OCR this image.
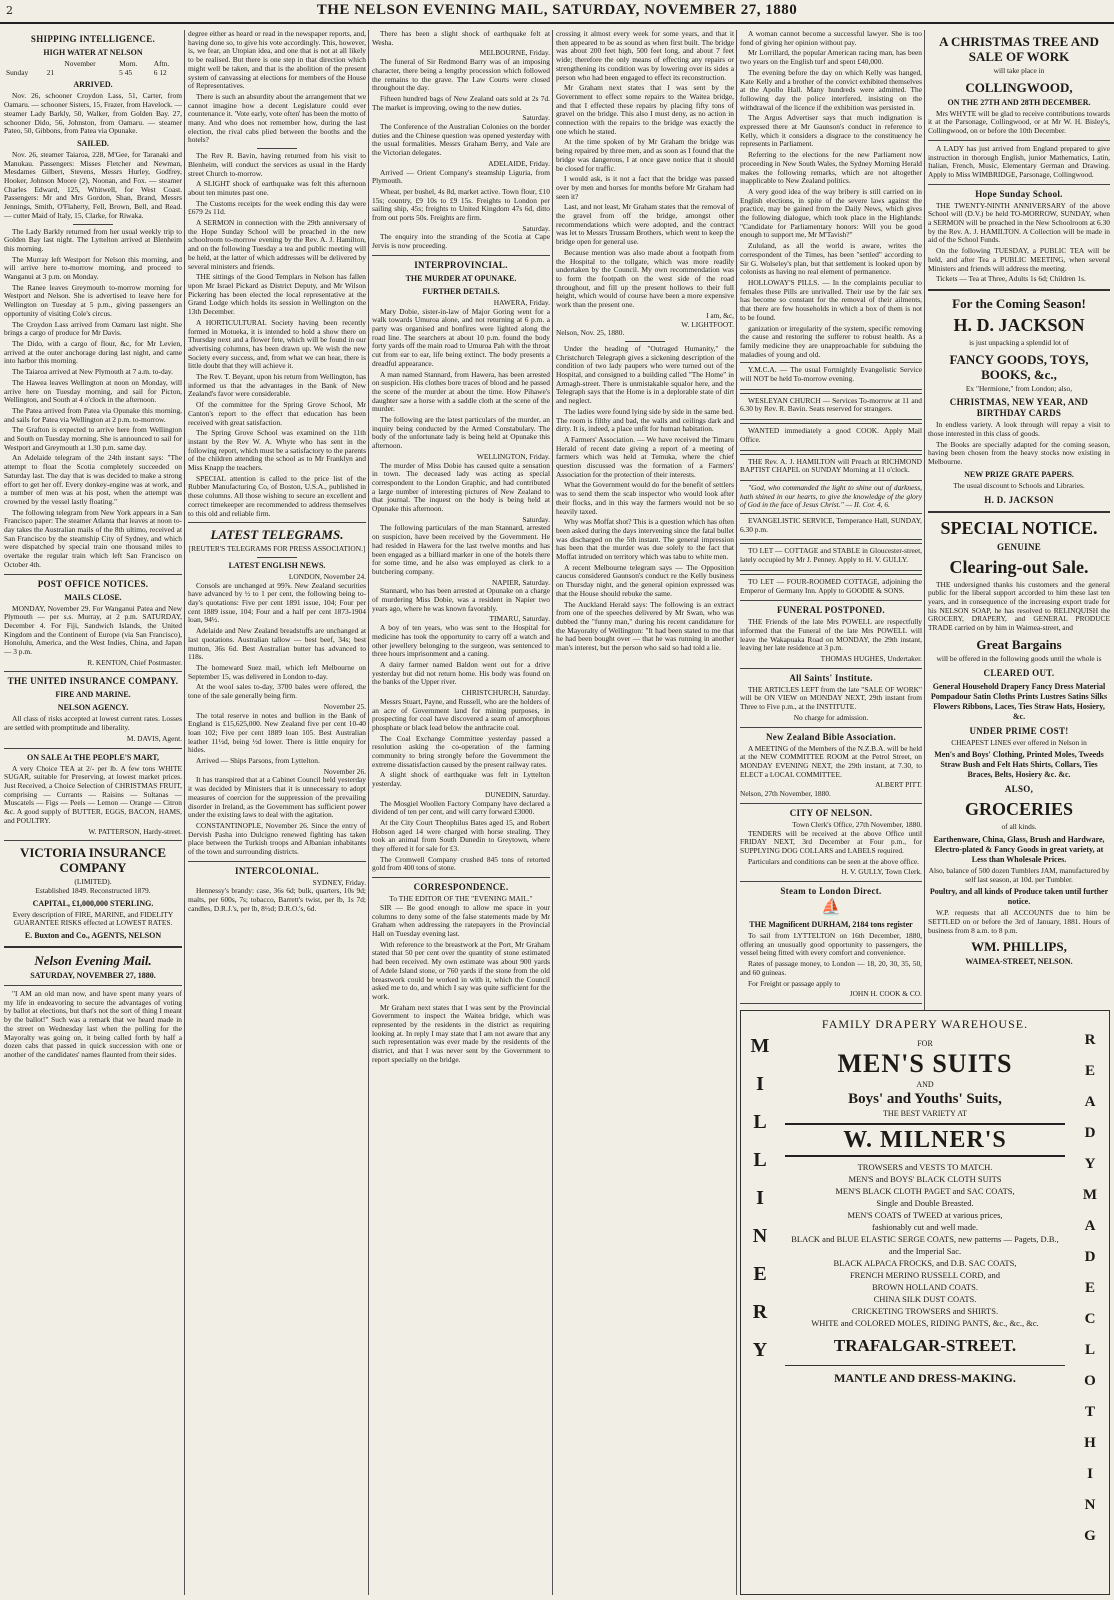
2	THE NELSON EVENING MAIL, SATURDAY, NOVEMBER 27, 1880
SHIPPING INTELLIGENCE.
HIGH WATER AT NELSON
		November	Morn.	Aftn.
Sunday	21		5 45	6 12
ARRIVED.

Nov. 26, schooner Croydon Lass, 51, Carter, from Oamaru. — schooner Sisters, 15, Frazer, from Havelock. — steamer Lady Barkly, 50, Walker, from Golden Bay. 27, schooner Dido, 56, Johnston, from Oamaru. — steamer Pateo, 50, Gibbons, from Patea via Opunake.

SAILED.

Nov. 26, steamer Taiaroa, 228, M'Gee, for Taranaki and Manukau. Passengers: Misses Fletcher and Newman, Mesdames Gilbert, Stevens, Messrs Hurley, Godfrey, Hooker, Johnson Moore (2), Noonan, and Fox. — steamer Charles Edward, 125, Whitwell, for West Coast. Passengers: Mr and Mrs Gordon, Shan, Brand, Messrs Jennings, Smith, O'Flaherty, Fell, Brown, Bell, and Read. — cutter Maid of Italy, 15, Clarke, for Riwaka.

The Lady Barkly returned from her usual weekly trip to Golden Bay last night. The Lyttelton arrived at Blenheim this morning.

The Murray left Westport for Nelson this morning, and will arrive here to-morrow morning, and proceed to Wanganui at 3 p.m. on Monday.

The Ranee leaves Greymouth to-morrow morning for Westport and Nelson. She is advertised to leave here for Wellington on Tuesday at 5 p.m., giving passengers an opportunity of visiting Cole's circus.

The Croydon Lass arrived from Oamaru last night. She brings a cargo of produce for Mr Davis.

The Dido, with a cargo of flour, &c, for Mr Levien, arrived at the outer anchorage during last night, and came into harbor this morning.

The Taiaroa arrived at New Plymouth at 7 a.m. to-day.

The Hawea leaves Wellington at noon on Monday, will arrive here on Tuesday morning, and sail for Picton, Wellington, and South at 4 o'clock in the afternoon.

The Patea arrived from Patea via Opunake this morning, and sails for Patea via Wellington at 2 p.m. to-morrow.

The Grafton is expected to arrive here from Wellington and South on Tuesday morning. She is announced to sail for Westport and Greymouth at 1.30 p.m. same day.

An Adelaide telegram of the 24th instant says: "The attempt to float the Scotia completely succeeded on Saturday last. The day that is was decided to make a strong effort to get her off. Every donkey-engine was at work, and a number of men was at his post, when the attempt was crowned by the vessel lastly floating."

The following telegram from New York appears in a San Francisco paper: The steamer Atlanta that leaves at noon to-day takes the Australian mails of the 8th ultimo, received at San Francisco by the steamship City of Sydney, and which were dispatched by special train one thousand miles to overtake the regular train which left San Francisco on October 4th.

POST OFFICE NOTICES.
MAILS CLOSE.

MONDAY, November 29. For Wanganui Patea and New Plymouth — per s.s. Murray, at 2 p.m. SATURDAY, December 4. For Fiji, Sandwich Islands, the United Kingdom and the Continent of Europe (via San Francisco), Honolulu, America, and the West Indies, China, and Japan — 3 p.m.

R. KENTON, Chief Postmaster.
THE UNITED INSURANCE COMPANY.
FIRE AND MARINE.
NELSON AGENCY.

All class of risks accepted at lowest current rates. Losses are settled with promptitude and liberality.

M. DAVIS, Agent.
ON SALE At THE PEOPLE'S MART,

A very Choice TEA at 2/- per lb. A few tons WHITE SUGAR, suitable for Preserving, at lowest market prices. Just Received, a Choice Selection of CHRISTMAS FRUIT, comprising — Currants — Raisins — Sultanas — Muscatels — Figs — Peels — Lemon — Orange — Citron &c. A good supply of BUTTER, EGGS, BACON, HAMS, and POULTRY.

W. PATTERSON, Hardy-street.
VICTORIA INSURANCE COMPANY
(LIMITED).
Established 1849. Reconstructed 1879.
CAPITAL, £1,000,000 STERLING.

Every description of FIRE, MARINE, and FIDELITY GUARANTEE RISKS effected at LOWEST RATES.

E. Buxton and Co., AGENTS, NELSON
Nelson Evening Mail.
SATURDAY, NOVEMBER 27, 1880.

"I AM an old man now, and have spent many years of my life in endeavoring to secure the advantages of voting by ballot at elections, but that's not the sort of thing I meant by the ballot!" Such was a remark that we heard made in the street on Wednesday last when the polling for the Mayoralty was going on, it being called forth by half a dozen cabs that passed in quick succession with one or another of the candidates' names flaunted from their sides.

degree either as heard or read in the newspaper reports, and, having done so, to give his vote accordingly. This, however, is, we fear, an Utopian idea, and one that is not at all likely to be realised. But there is one step in that direction which might well be taken, and that is the abolition of the present system of canvassing at elections for members of the House of Representatives.

There is such an absurdity about the arrangement that we cannot imagine how a decent Legislature could ever countenance it. 'Vote early, vote often' has been the motto of many. And who does not remember how, during the last election, the rival cabs plied between the booths and the hotels?

The Rev R. Bavin, having returned from his visit to Blenheim, will conduct the services as usual in the Hardy street Church to-morrow.

A SLIGHT shock of earthquake was felt this afternoon about ten minutes past one.

The Customs receipts for the week ending this day were £679 2s 11d.

A SERMON in connection with the 29th anniversary of the Hope Sunday School will be preached in the new schoolroom to-morrow evening by the Rev. A. J. Hamilton, and on the following Tuesday a tea and public meeting will be held, at the latter of which addresses will be delivered by several ministers and friends.

THE sittings of the Good Templars in Nelson has fallen upon Mr Israel Pickard as District Deputy, and Mr Wilson Pickering has been elected the local representative at the Grand Lodge which holds its session in Wellington on the 13th December.

A HORTICULTURAL Society having been recently formed in Motueka, it is intended to hold a show there on Thursday next and a flower fete, which will be found in our advertising columns, has been drawn up. We wish the new Society every success, and, from what we can hear, there is little doubt that they will achieve it.

The Rev. T. Beyant, upon his return from Wellington, has informed us that the advantages in the Bank of New Zealand's favor were considerable.

Of the committee for the Spring Grove School, Mr Canton's report to the effect that education has been received with great satisfaction.

The Spring Grove School was examined on the 11th instant by the Rev W. A. Whyte who has sent in the following report, which must be a satisfactory to the parents of the children attending the school as to Mr Franklyn and Miss Knapp the teachers.

SPECIAL attention is called to the price list of the Rubber Manufacturing Co, of Boston, U.S.A., published in these columns. All those wishing to secure an excellent and correct timekeeper are recommended to address themselves to this old and reliable firm.

LATEST TELEGRAMS.
[REUTER'S TELEGRAMS FOR PRESS ASSOCIATION.]
LATEST ENGLISH NEWS.
LONDON, November 24.

Consols are unchanged at 99⅞. New Zealand securities have advanced by ½ to 1 per cent, the following being to-day's quotations: Five per cent 1891 issue, 104; Four per cent 1889 issue, 104; Four and a half per cent 1873-1904 loan, 94½.

Adelaide and New Zealand breadstuffs are unchanged at last quotations. Australian tallow — best beef, 34s; best mutton, 36s 6d. Best Australian butter has advanced to 118s.

The homeward Suez mail, which left Melbourne on September 15, was delivered in London to-day.

At the wool sales to-day, 3700 bales were offered, the tone of the sale generally being firm.

November 25.

The total reserve in notes and bullion in the Bank of England is £15,625,000. New Zealand five per cent 10-40 loan 102; Five per cent 1889 loan 105. Best Australian leather 11½d, being ½d lower. There is little enquiry for hides.

Arrived — Ships Parsons, from Lyttelton.

November 26.

It has transpired that at a Cabinet Council held yesterday it was decided by Ministers that it is unnecessary to adopt measures of coercion for the suppression of the prevailing disorder in Ireland, as the Government has sufficient power under the existing laws to deal with the agitation.

CONSTANTINOPLE, November 26. Since the entry of Dervish Pasha into Dulcigno renewed fighting has taken place between the Turkish troops and Albanian inhabitants of the town and surrounding districts.

INTERCOLONIAL.
SYDNEY, Friday.

Hennessy's brandy: case, 36s 6d; bulk, quarters, 10s 9d; malts, per 600s, 7s; tobacco, Barrett's twist, per lb, 1s 7d; candles, D.R.J.'s, per lb, 8½d; D.R.O.'s, 6d.

There has been a slight shock of earthquake felt at Wesha.

MELBOURNE, Friday.

The funeral of Sir Redmond Barry was of an imposing character, there being a lengthy procession which followed the remains to the grave. The Law Courts were closed throughout the day.

Fifteen hundred bags of New Zealand oats sold at 2s 7d. The market is improving, owing to the new duties.

Saturday.

The Conference of the Australian Colonies on the border duties and the Chinese question was opened yesterday with the usual formalities. Messrs Graham Berry, and Vale are the Victorian delegates.

ADELAIDE, Friday.

Arrived — Orient Company's steamship Liguria, from Plymouth.

Wheat, per bushel, 4s 8d, market active. Town flour, £10 15s; country, £9 10s to £9 15s. Freights to London per sailing ship, 45s; freights to United Kingdom 47s 6d, ditto from out ports 50s. Freights are firm.

Saturday.

The enquiry into the stranding of the Scotia at Cape Jervis is now proceeding.

INTERPROVINCIAL.
THE MURDER AT OPUNAKE.
FURTHER DETAILS.
HAWERA, Friday.

Mary Dobie, sister-in-law of Major Goring went for a walk towards Umuroa alone, and not returning at 6 p.m. a party was organised and bonfires were lighted along the road line. The searchers at about 10 p.m. found the body forty yards off the main road to Umuroa Pah with the throat cut from ear to ear, life being extinct. The body presents a dreadful appearance.

A man named Stannard, from Hawera, has been arrested on suspicion. His clothes bore traces of blood and he passed the scene of the murder at about the time. How Pihawe's daughter saw a horse with a saddle cloth at the scene of the murder.

The following are the latest particulars of the murder, an inquiry being conducted by the Armed Constabulary. The body of the unfortunate lady is being held at Opunake this afternoon.

WELLINGTON, Friday.

The murder of Miss Dobie has caused quite a sensation in town. The deceased lady was acting as special correspondent to the London Graphic, and had contributed a large number of interesting pictures of New Zealand to that journal. The inquest on the body is being held at Opunake this afternoon.

Saturday.

The following particulars of the man Stannard, arrested on suspicion, have been received by the Government. He had resided in Hawera for the last twelve months and has been engaged as a billiard marker in one of the hotels there for some time, and he also was employed as clerk to a butchering company.

NAPIER, Saturday.

Stannard, who has been arrested at Opunake on a charge of murdering Miss Dobie, was a resident in Napier two years ago, where he was known favorably.

TIMARU, Saturday.

A boy of ten years, who was sent to the Hospital for medicine has took the opportunity to carry off a watch and other jewellery belonging to the surgeon, was sentenced to three hours imprisonment and a caning.

A dairy farmer named Baldon went out for a drive yesterday but did not return home. His body was found on the banks of the Upper river.

CHRISTCHURCH, Saturday.

Messrs Stuart, Payne, and Russell, who are the holders of an acre of Government land for mining purposes, in prospecting for coal have discovered a seam of amorphous phosphate or black lead below the anthracite coal.

The Coal Exchange Committee yesterday passed a resolution asking the co-operation of the farming community to bring strongly before the Government the extreme dissatisfaction caused by the present railway rates.

A slight shock of earthquake was felt in Lyttelton yesterday.

DUNEDIN, Saturday.

The Mosgiel Woollen Factory Company have declared a dividend of ten per cent, and will carry forward £3000.

At the City Court Theophilus Bates aged 15, and Robert Hobson aged 14 were charged with horse stealing. They took an animal from South Dunedin to Greytown, where they offered it for sale for £3.

The Cromwell Company crushed 845 tons of retorted gold from 400 tons of stone.

CORRESPONDENCE.
To THE EDITOR OF THE "EVENING MAIL."

SIR — Be good enough to allow me space in your columns to deny some of the false statements made by Mr Graham when addressing the ratepayers in the Provincial Hall on Tuesday evening last.

With reference to the breastwork at the Port, Mr Graham stated that 50 per cent over the quantity of stone estimated had been received. My own estimate was about 900 yards of Adele Island stone, or 760 yards if the stone from the old breastwork could be worked in with it, which the Council asked me to do, and which I say was quite sufficient for the work.

Mr Graham next states that I was sent by the Provincial Government to inspect the Waitea bridge, which was represented by the residents in the district as requiring looking at. In reply I may state that I am not aware that any such representation was ever made by the residents of the district, and that I was never sent by the Government to report specially on the bridge.

crossing it almost every week for some years, and that it then appeared to be as sound as when first built. The bridge was about 200 feet high, 500 feet long, and about 7 feet wide; therefore the only means of effecting any repairs or strengthening its condition was by lowering over its sides a person who had been engaged to effect its reconstruction.

Mr Graham next states that I was sent by the Government to effect some repairs to the Waitea bridge, and that I effected these repairs by placing fifty tons of gravel on the bridge. This also I must deny, as no action in connection with the repairs to the bridge was exactly the one which he stated.

At the time spoken of by Mr Graham the bridge was being repaired by three men, and as soon as I found that the bridge was dangerous, I at once gave notice that it should be closed for traffic.

I would ask, is it not a fact that the bridge was passed over by men and horses for months before Mr Graham had seen it?

Last, and not least, Mr Graham states that the removal of the gravel from off the bridge, amongst other recommendations which were adopted, and the contract was let to Messrs Trussam Brothers, which went to keep the bridge open for general use.

Because mention was also made about a footpath from the Hospital to the tollgate, which was more readily undertaken by the Council. My own recommendation was to form the footpath on the west side of the road throughout, and fill up the present hollows to their full height, which would of course have been a more expensive work than the present one.

I am, &c,
W. LIGHTFOOT.
Nelson, Nov. 25, 1880.

Under the heading of "Outraged Humanity," the Christchurch Telegraph gives a sickening description of the condition of two lady paupers who were turned out of the Hospital, and consigned to a building called "The Home" in Armagh-street. There is unmistakable squalor here, and the Telegraph says that the Home is in a deplorable state of dirt and neglect.

The ladies were found lying side by side in the same bed. The room is filthy and bad, the walls and ceilings dark and dirty. It is, indeed, a place unfit for human habitation.

A Farmers' Association. — We have received the Timaru Herald of recent date giving a report of a meeting of farmers which was held at Temuka, where the chief question discussed was the formation of a Farmers' Association for the protection of their interests.

What the Government would do for the benefit of settlers was to send them the scab inspector who would look after their flocks, and in this way the farmers would not be so heavily taxed.

Why was Moffat shot? This is a question which has often been asked during the days intervening since the fatal bullet was discharged on the 5th instant. The general impression has been that the murder was due solely to the fact that Moffat intruded on territory which was tabu to white men.

A recent Melbourne telegram says — The Opposition caucus considered Gaunson's conduct re the Kelly business on Thursday night, and the general opinion expressed was that the House should rebuke the same.

The Auckland Herald says: The following is an extract from one of the speeches delivered by Mr Swan, who was dubbed the "funny man," during his recent candidature for the Mayoralty of Wellington: "It had been stated to me that he had been bought over — that he was running in another man's interest, but the person who said so had told a lie.

A woman cannot become a successful lawyer. She is too fond of giving her opinion without pay.

Mr Lorrillard, the popular American racing man, has been two years on the English turf and spent £40,000.

The evening before the day on which Kelly was hanged, Kate Kelly and a brother of the convict exhibited themselves at the Apollo Hall. Many hundreds were admitted. The following day the police interfered, insisting on the withdrawal of the licence if the exhibition was persisted in.

The Argus Advertiser says that much indignation is expressed there at Mr Gaunson's conduct in reference to Kelly, which it considers a disgrace to the constituency he represents in Parliament.

Referring to the elections for the new Parliament now proceeding in New South Wales, the Sydney Morning Herald makes the following remarks, which are not altogether inapplicable to New Zealand politics.

A very good idea of the way bribery is still carried on in English elections, in spite of the severe laws against the practice, may be gained from the Daily News, which gives the following dialogue, which took place in the Highlands: "Candidate for Parliamentary honors: Will you be good enough to support me, Mr M'Tavish?"

Zululand, as all the world is aware, writes the correspondent of the Times, has been "settled" according to Sir G. Wolseley's plan, but that settlement is looked upon by colonists as having no real element of permanence.

HOLLOWAY'S PILLS. — In the complaints peculiar to females these Pills are unrivalled. Their use by the fair sex has become so constant for the removal of their ailments, that there are few households in which a box of them is not to be found.

ganization or irregularity of the system, specific removing the cause and restoring the sufferer to robust health. As a family medicine they are unapproachable for subduing the maladies of young and old.

Y.M.C.A. — The usual Fortnightly Evangelistic Service will NOT be held To-morrow evening.

WESLEYAN CHURCH — Services To-morrow at 11 and 6.30 by Rev. R. Bavin. Seats reserved for strangers.

WANTED immediately a good COOK. Apply Mail Office.

THE Rev. A. J. HAMILTON will Preach at RICHMOND BAPTIST CHAPEL on SUNDAY Morning at 11 o'clock.

"God, who commanded the light to shine out of darkness, hath shined in our hearts, to give the knowledge of the glory of God in the face of Jesus Christ." — II. Cor. 4, 6.

EVANGELISTIC SERVICE, Temperance Hall, SUNDAY, 6.30 p.m.

TO LET — COTTAGE and STABLE in Gloucester-street, lately occupied by Mr J. Penney. Apply to H. V. GULLY.

TO LET — FOUR-ROOMED COTTAGE, adjoining the Emperor of Germany Inn. Apply to GOODIE & SONS.

FUNERAL POSTPONED.

THE Friends of the late Mrs POWELL are respectfully informed that the Funeral of the late Mrs POWELL will leave the Wakapuaka Road on MONDAY, the 29th instant, leaving her late residence at 3 p.m.

THOMAS HUGHES, Undertaker.
All Saints' Institute.

THE ARTICLES LEFT from the late "SALE OF WORK" will be ON VIEW on MONDAY NEXT, 29th instant from Three to Five p.m., at the INSTITUTE.

No charge for admission.
New Zealand Bible Association.

A MEETING of the Members of the N.Z.B.A. will be held at the NEW COMMITTEE ROOM at the Petrol Street, on MONDAY EVENING NEXT, the 29th instant, at 7.30, to ELECT a LOCAL COMMITTEE.

ALBERT PITT.
Nelson, 27th November, 1880.
CITY OF NELSON.
Town Clerk's Office, 27th November, 1880.

TENDERS will be received at the above Office until FRIDAY NEXT, 3rd December at Four p.m., for SUPPLYING DOG COLLARS and LABELS required.

Particulars and conditions can be seen at the above office.

H. V. GULLY, Town Clerk.
Steam to London Direct.
⛵
THE Magnificent DURHAM, 2184 tons register

To sail from LYTTELTON on 16th December, 1880, offering an unusually good opportunity to passengers, the vessel being fitted with every comfort and convenience.

Rates of passage money, to London — 18, 20, 30, 35, 50, and 60 guineas.

For Freight or passage apply to

JOHN H. COOK & CO.

A CHRISTMAS TREE AND SALE OF WORK
will take place in
COLLINGWOOD,
ON THE 27TH AND 28TH DECEMBER.

Mrs WHYTE will be glad to receive contributions towards it at the Parsonage, Collingwood, or at Mr W. H. Bisley's, Collingwood, on or before the 10th December.

A LADY has just arrived from England prepared to give instruction in thorough English, junior Mathematics, Latin, Italian, French, Music, Elementary German and Drawing. Apply to Miss WIMBRIDGE, Parsonage, Collingwood.

Hope Sunday School.

THE TWENTY-NINTH ANNIVERSARY of the above School will (D.V.) be held TO-MORROW, SUNDAY, when a SERMON will be preached in the New Schoolroom at 6.30 by the Rev. A. J. HAMILTON. A Collection will be made in aid of the School Funds.

On the following TUESDAY, a PUBLIC TEA will be held, and after Tea a PUBLIC MEETING, when several Ministers and friends will address the meeting.

Tickets — Tea at Three, Adults 1s 6d; Children 1s.

For the Coming Season!
H. D. JACKSON
is just unpacking a splendid lot of
FANCY GOODS, TOYS, BOOKS, &c.,
Ex "Hermione," from London; also,
CHRISTMAS, NEW YEAR, AND BIRTHDAY CARDS

In endless variety. A look through will repay a visit to those interested in this class of goods.

The Books are specially adapted for the coming season, having been chosen from the heavy stocks now existing in Melbourne.

NEW PRIZE GRATE PAPERS.
The usual discount to Schools and Libraries.
H. D. JACKSON
SPECIAL NOTICE.
GENUINE
Clearing-out Sale.

THE undersigned thanks his customers and the general public for the liberal support accorded to him these last ten years, and in consequence of the increasing export trade for his NELSON SOAP, he has resolved to RELINQUISH the GROCERY, DRAPERY, and GENERAL PRODUCE TRADE carried on by him in Waimea-street, and

Great Bargains
will be offered in the following goods until the whole is
CLEARED OUT.
General Household Drapery Fancy Dress Material Pompadour Satin Cloths Prints Lustres Satins Silks Flowers Ribbons, Laces, Ties Straw Hats, Hosiery, &c.
UNDER PRIME COST!
CHEAPEST LINES ever offered in Nelson in
Men's and Boys' Clothing, Printed Moles, Tweeds Straw Bush and Felt Hats Shirts, Collars, Ties Braces, Belts, Hosiery &c. &c.
ALSO,
GROCERIES
of all kinds.
Earthenware, China, Glass, Brush and Hardware, Electro-plated & Fancy Goods in great variety, at Less than Wholesale Prices.
Also, balance of 500 dozen Tumblers JAM, manufactured by self last season, at 10d. per Tumbler.
Poultry, and all kinds of Produce taken until further notice.

W.P. requests that all ACCOUNTS due to him be SETTLED on or before the 3rd of January, 1881. Hours of business from 8 a.m. to 8 p.m.

WM. PHILLIPS,
WAIMEA-STREET, NELSON.
M
I
L
L
I
N
E
R
Y
R
E
A
D
Y
M
A
D
E
C
L
O
T
H
I
N
G
FAMILY DRAPERY WAREHOUSE.
FOR
MEN'S SUITS
AND
Boys' and Youths' Suits,
THE BEST VARIETY AT
W. MILNER'S
TROWSERS and VESTS TO MATCH.
MEN'S and BOYS' BLACK CLOTH SUITS
MEN'S BLACK CLOTH PAGET and SAC COATS,
Single and Double Breasted.
MEN'S COATS of TWEED at various prices,
fashionably cut and well made.
BLACK and BLUE ELASTIC SERGE COATS, new patterns — Pagets, D.B., and the Imperial Sac.
BLACK ALPACA FROCKS, and D.B. SAC COATS,
FRENCH MERINO RUSSELL CORD, and
BROWN HOLLAND COATS.
CHINA SILK DUST COATS.
CRICKETING TROWSERS and SHIRTS.
WHITE and COLORED MOLES, RIDING PANTS, &c., &c., &c.
TRAFALGAR-STREET.
MANTLE AND DRESS-MAKING.
